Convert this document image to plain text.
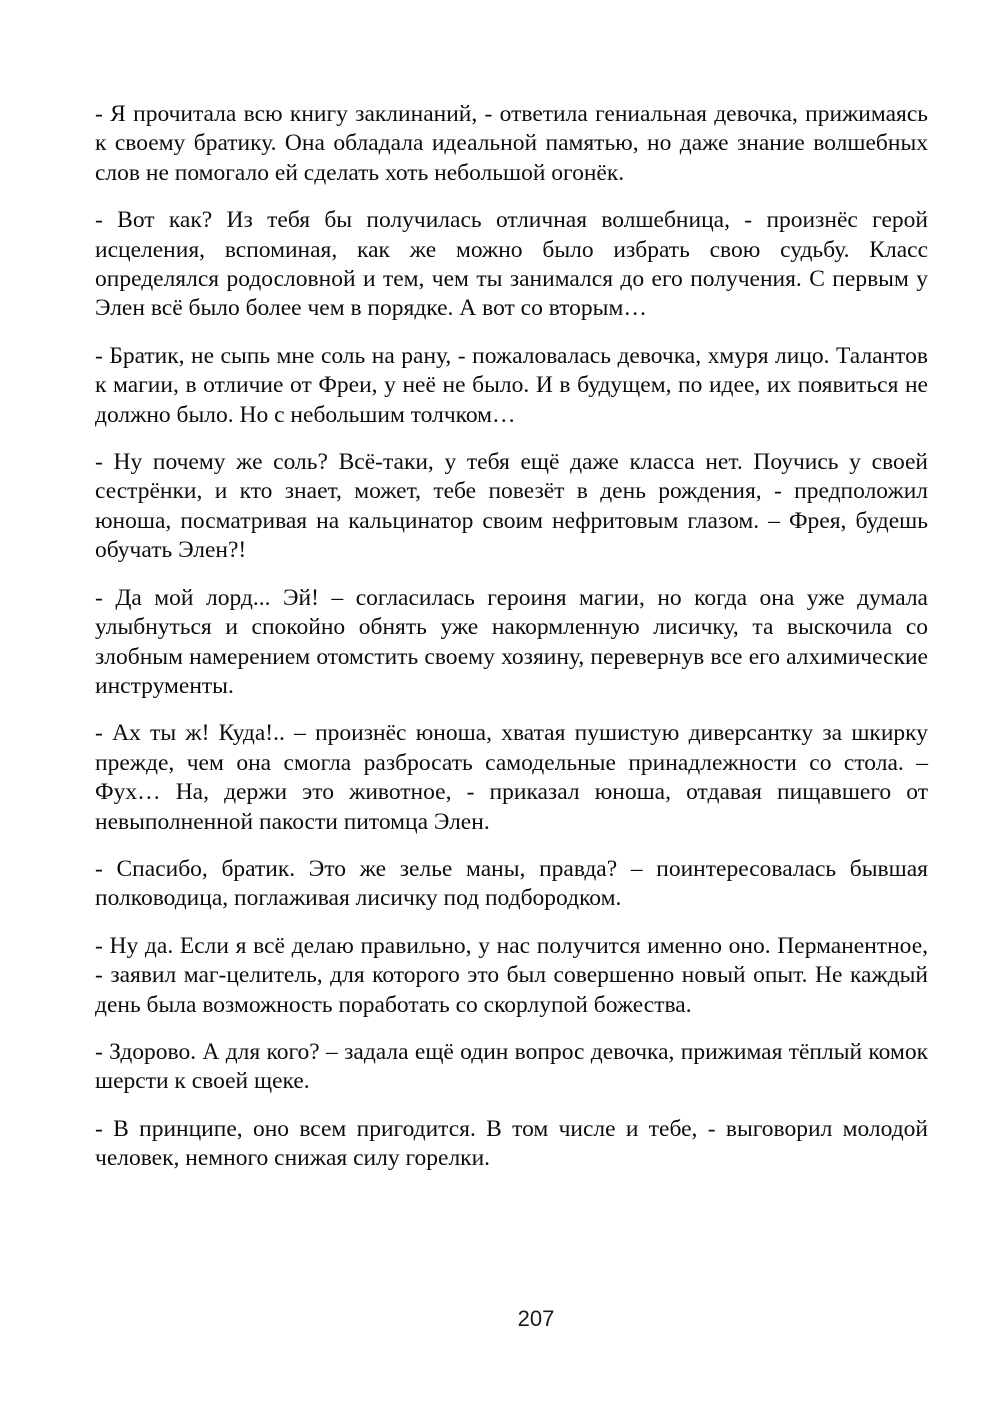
- Я прочитала всю книгу заклинаний, - ответила гениальная девочка, прижимаясь к своему братику. Она обладала идеальной памятью, но даже знание волшебных слов не помогало ей сделать хоть небольшой огонёк.

- Вот как? Из тебя бы получилась отличная волшебница, - произнёс герой исцеления, вспоминая, как же можно было избрать свою судьбу. Класс определялся родословной и тем, чем ты занимался до его получения. С первым у Элен всё было более чем в порядке. А вот со вторым…

- Братик, не сыпь мне соль на рану, - пожаловалась девочка, хмуря лицо. Талантов к магии, в отличие от Фреи, у неё не было. И в будущем, по идее, их появиться не должно было. Но с небольшим толчком…

- Ну почему же соль? Всё-таки, у тебя ещё даже класса нет. Поучись у своей сестрёнки, и кто знает, может, тебе повезёт в день рождения, - предположил юноша, посматривая на кальцинатор своим нефритовым глазом. – Фрея, будешь обучать Элен?!

- Да мой лорд... Эй! – согласилась героиня магии, но когда она уже думала улыбнуться и спокойно обнять уже накормленную лисичку, та выскочила со злобным намерением отомстить своему хозяину, перевернув все его алхимические инструменты.

- Ах ты ж! Куда!.. – произнёс юноша, хватая пушистую диверсантку за шкирку прежде, чем она смогла разбросать самодельные принадлежности со стола. – Фух… На, держи это животное, - приказал юноша, отдавая пищавшего от невыполненной пакости питомца Элен.

- Спасибо, братик. Это же зелье маны, правда? – поинтересовалась бывшая полководица, поглаживая лисичку под подбородком.

- Ну да. Если я всё делаю правильно, у нас получится именно оно. Перманентное, - заявил маг-целитель, для которого это был совершенно новый опыт. Не каждый день была возможность поработать со скорлупой божества.

- Здорово. А для кого? – задала ещё один вопрос девочка, прижимая тёплый комок шерсти к своей щеке.

- В принципе, оно всем пригодится. В том числе и тебе, - выговорил молодой человек, немного снижая силу горелки.

207
